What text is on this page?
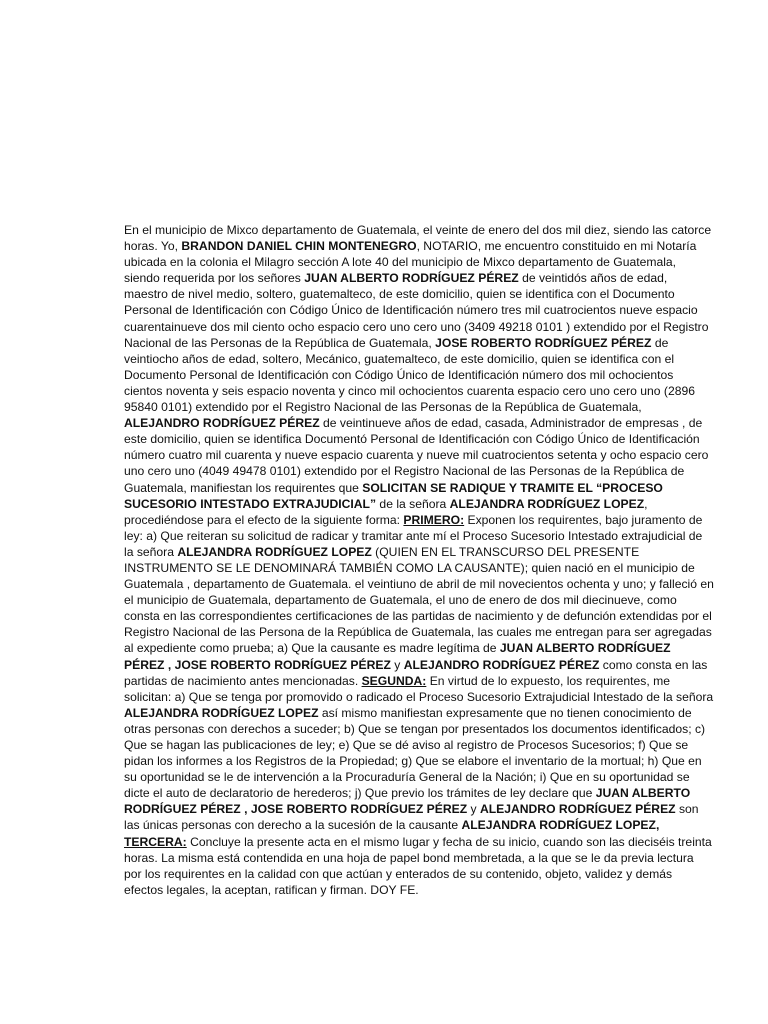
En el municipio de Mixco departamento de Guatemala, el veinte de enero del dos mil diez, siendo las catorce horas. Yo, BRANDON DANIEL CHIN MONTENEGRO, NOTARIO, me encuentro constituido en mi Notaría ubicada en la colonia el Milagro sección A lote 40 del municipio de Mixco departamento de Guatemala, siendo requerida por los señores JUAN ALBERTO RODRÍGUEZ PÉREZ de veintidós años de edad, maestro de nivel medio, soltero, guatemalteco, de este domicilio, quien se identifica con el Documento Personal de Identificación con Código Único de Identificación número tres mil cuatrocientos nueve espacio cuarentainueve dos mil ciento ocho espacio cero uno cero uno (3409 49218 0101 ) extendido por el Registro Nacional de las Personas de la República de Guatemala, JOSE ROBERTO RODRÍGUEZ PÉREZ de veintiocho años de edad, soltero, Mecánico, guatemalteco, de este domicilio, quien se identifica con el Documento Personal de Identificación con Código Único de Identificación número dos mil ochocientos cientos noventa y seis espacio noventa y cinco mil ochocientos cuarenta espacio cero uno cero uno (2896 95840 0101) extendido por el Registro Nacional de las Personas de la República de Guatemala, ALEJANDRO RODRÍGUEZ PÉREZ de veintinueve años de edad, casada, Administrador de empresas , de este domicilio, quien se identifica Documentó Personal de Identificación con Código Único de Identificación número cuatro mil cuarenta y nueve espacio cuarenta y nueve mil cuatrocientos setenta y ocho espacio cero uno cero uno (4049 49478 0101) extendido por el Registro Nacional de las Personas de la República de Guatemala, manifiestan los requirentes que SOLICITAN SE RADIQUE Y TRAMITE EL “PROCESO SUCESORIO INTESTADO EXTRAJUDICIAL” de la señora ALEJANDRA RODRÍGUEZ LOPEZ, procediéndose para el efecto de la siguiente forma: PRIMERO: Exponen los requirentes, bajo juramento de ley: a) Que reiteran su solicitud de radicar y tramitar ante mí el Proceso Sucesorio Intestado extrajudicial de la señora ALEJANDRA RODRÍGUEZ LOPEZ (QUIEN EN EL TRANSCURSO DEL PRESENTE INSTRUMENTO SE LE DENOMINARÁ TAMBIÉN COMO LA CAUSANTE); quien nació en el municipio de Guatemala , departamento de Guatemala. el veintiuno de abril de mil novecientos ochenta y uno; y falleció en el municipio de Guatemala, departamento de Guatemala, el uno de enero de dos mil diecinueve, como consta en las correspondientes certificaciones de las partidas de nacimiento y de defunción extendidas por el Registro Nacional de las Persona de la República de Guatemala, las cuales me entregan para ser agregadas al expediente como prueba; a) Que la causante es madre legítima de JUAN ALBERTO RODRÍGUEZ PÉREZ , JOSE ROBERTO RODRÍGUEZ PÉREZ y ALEJANDRO RODRÍGUEZ PÉREZ como consta en las partidas de nacimiento antes mencionadas. SEGUNDA: En virtud de lo expuesto, los requirentes, me solicitan: a) Que se tenga por promovido o radicado el Proceso Sucesorio Extrajudicial Intestado de la señora ALEJANDRA RODRÍGUEZ LOPEZ así mismo manifiestan expresamente que no tienen conocimiento de otras personas con derechos a suceder; b) Que se tengan por presentados los documentos identificados; c) Que se hagan las publicaciones de ley; e) Que se dé aviso al registro de Procesos Sucesorios; f) Que se pidan los informes a los Registros de la Propiedad; g) Que se elabore el inventario de la mortual; h) Que en su oportunidad se le de intervención a la Procuraduría General de la Nación; i) Que en su oportunidad se dicte el auto de declaratorio de herederos; j) Que previo los trámites de ley declare que JUAN ALBERTO RODRÍGUEZ PÉREZ , JOSE ROBERTO RODRÍGUEZ PÉREZ y ALEJANDRO RODRÍGUEZ PÉREZ son las únicas personas con derecho a la sucesión de la causante ALEJANDRA RODRÍGUEZ LOPEZ, TERCERA: Concluye la presente acta en el mismo lugar y fecha de su inicio, cuando son las dieciséis treinta horas. La misma está contendida en una hoja de papel bond membretada, a la que se le da previa lectura por los requirentes en la calidad con que actúan y enterados de su contenido, objeto, validez y demás efectos legales, la aceptan, ratifican y firman. DOY FE.
